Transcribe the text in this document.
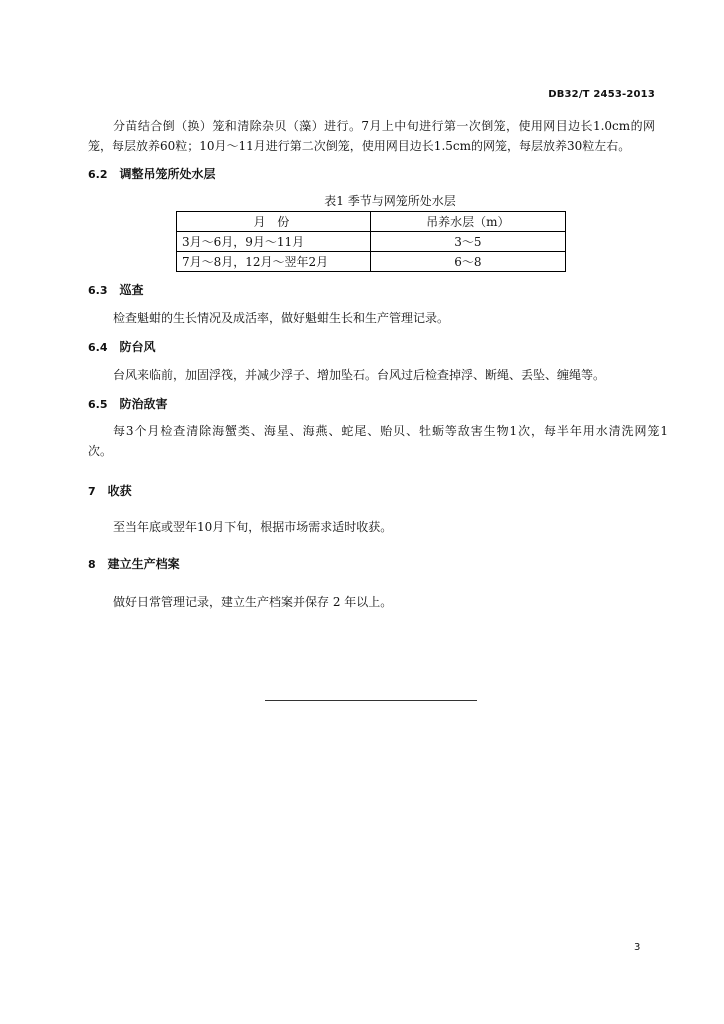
DB32/T 2453-2013
分苗结合倒（换）笼和清除杂贝（藻）进行。7月上中旬进行第一次倒笼，使用网目边长1.0cm的网
笼，每层放养60粒；10月～11月进行第二次倒笼，使用网目边长1.5cm的网笼，每层放养30粒左右。
6.2 调整吊笼所处水层
表1 季节与网笼所处水层
月 份	吊养水层（m）
3月～6月，9月～11月	3～5
7月～8月，12月～翌年2月	6～8
6.3 巡查
检查魁蚶的生长情况及成活率，做好魁蚶生长和生产管理记录。
6.4 防台风
台风来临前，加固浮筏，并减少浮子、增加坠石。台风过后检查掉浮、断绳、丢坠、缠绳等。
6.5 防治敌害
每3个月检查清除海蟹类、海星、海燕、蛇尾、贻贝、牡蛎等敌害生物1次，每半年用水清洗网笼1
次。
7 收获
至当年底或翌年10月下旬，根据市场需求适时收获。
8 建立生产档案
做好日常管理记录，建立生产档案并保存 2 年以上。
3
